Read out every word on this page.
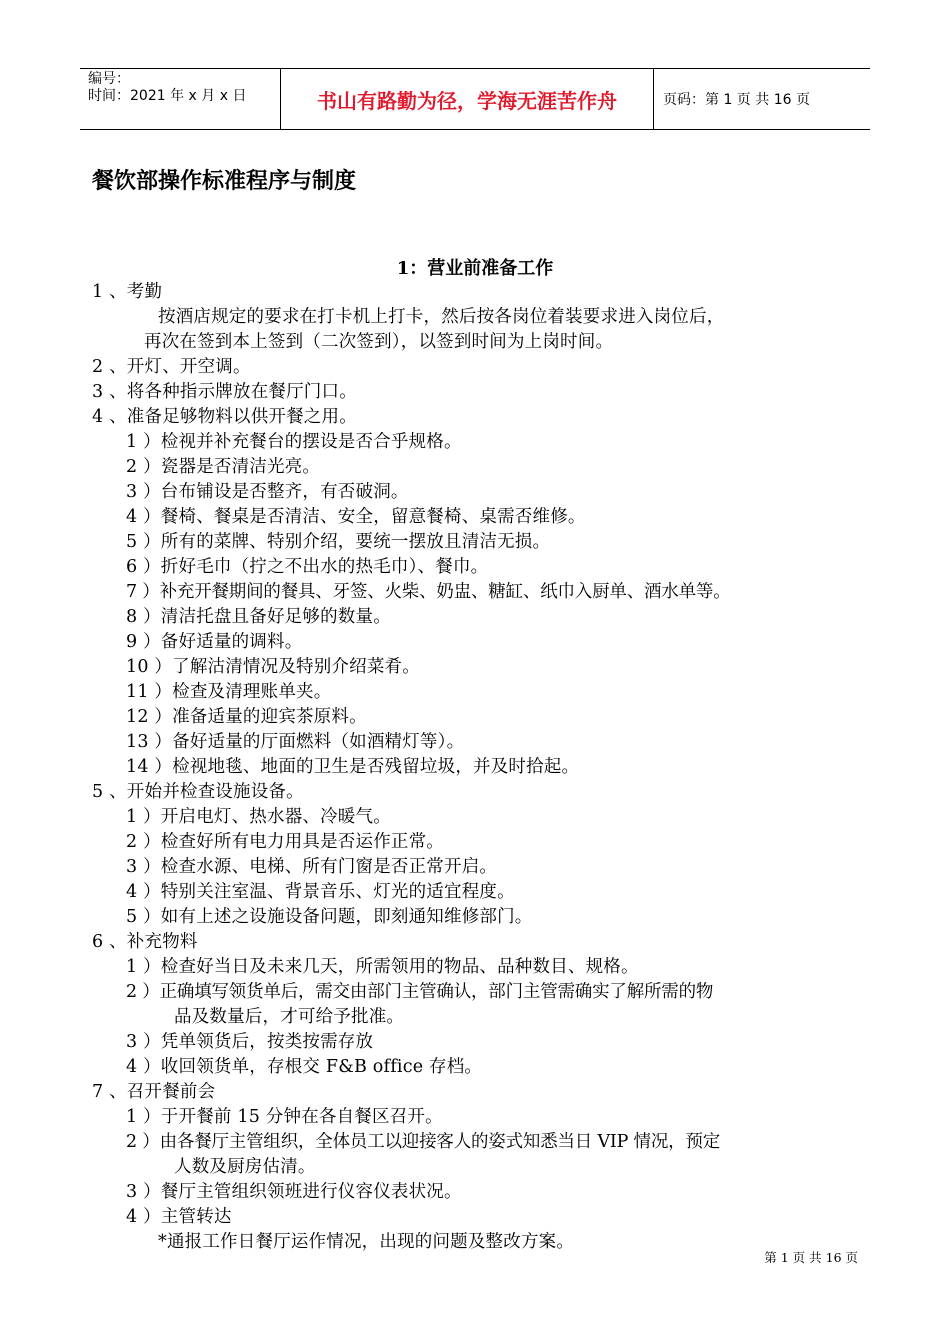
编号：
时间：2021 年 x 月 x 日	书山有路勤为径，学海无涯苦作舟	页码：第 1 页 共 16 页
餐饮部操作标准程序与制度
1：营业前准备工作
1 、考勤
按酒店规定的要求在打卡机上打卡，然后按各岗位着装要求进入岗位后，
再次在签到本上签到（二次签到），以签到时间为上岗时间。
2 、开灯、开空调。
3 、将各种指示牌放在餐厅门口。
4 、准备足够物料以供开餐之用。
1 ）检视并补充餐台的摆设是否合乎规格。
2 ）瓷器是否清洁光亮。
3 ）台布铺设是否整齐，有否破洞。
4 ）餐椅、餐桌是否清洁、安全，留意餐椅、桌需否维修。
5 ）所有的菜牌、特别介绍，要统一摆放且清洁无损。
6 ）折好毛巾（拧之不出水的热毛巾）、餐巾。
7 ）补充开餐期间的餐具、牙签、火柴、奶盅、糖缸、纸巾入厨单、酒水单等。
8 ）清洁托盘且备好足够的数量。
9 ）备好适量的调料。
10 ）了解沽清情况及特别介绍菜肴。
11 ）检查及清理账单夹。
12 ）准备适量的迎宾茶原料。
13 ）备好适量的厅面燃料（如酒精灯等）。
14 ）检视地毯、地面的卫生是否残留垃圾，并及时拾起。
5 、开始并检查设施设备。
1 ）开启电灯、热水器、冷暖气。
2 ）检查好所有电力用具是否运作正常。
3 ）检查水源、电梯、所有门窗是否正常开启。
4 ）特别关注室温、背景音乐、灯光的适宜程度。
5 ）如有上述之设施设备问题，即刻通知维修部门。
6 、补充物料
1 ）检查好当日及未来几天，所需领用的物品、品种数目、规格。
2 ）正确填写领货单后，需交由部门主管确认，部门主管需确实了解所需的物
品及数量后，才可给予批准。
3 ）凭单领货后，按类按需存放
4 ）收回领货单，存根交 F&B office 存档。
7 、召开餐前会
1 ）于开餐前 15 分钟在各自餐区召开。
2 ）由各餐厅主管组织，全体员工以迎接客人的姿式知悉当日 VIP 情况，预定
人数及厨房估清。
3 ）餐厅主管组织领班进行仪容仪表状况。
4 ）主管转达
*通报工作日餐厅运作情况，出现的问题及整改方案。
第 1 页 共 16 页
